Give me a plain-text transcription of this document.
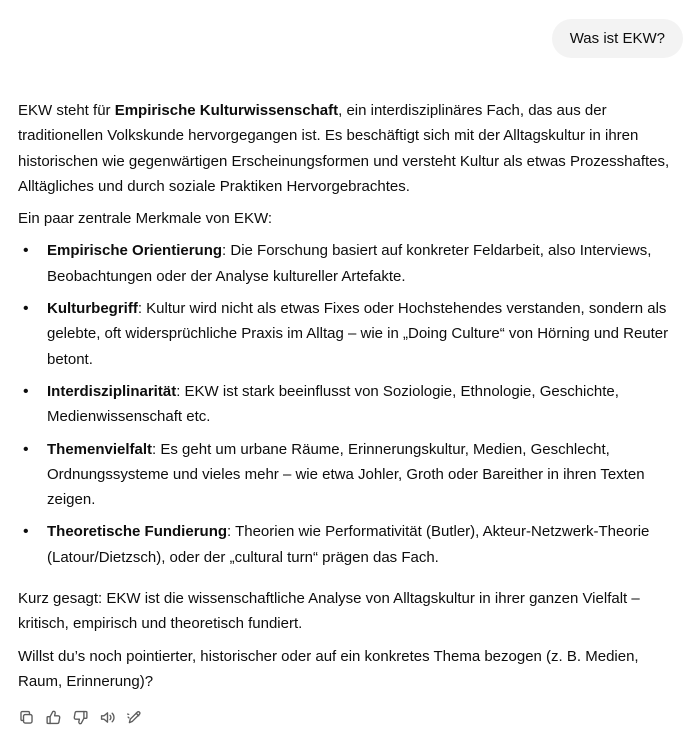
Was ist EKW?

EKW steht für Empirische Kulturwissenschaft, ein interdisziplinäres Fach, das aus der traditionellen Volkskunde hervorgegangen ist. Es beschäftigt sich mit der Alltagskultur in ihren historischen wie gegenwärtigen Erscheinungsformen und versteht Kultur als etwas Prozesshaftes, Alltägliches und durch soziale Praktiken Hervorgebrachtes.

Ein paar zentrale Merkmale von EKW:

• Empirische Orientierung: Die Forschung basiert auf konkreter Feldarbeit, also Interviews, Beobachtungen oder der Analyse kultureller Artefakte.
• Kulturbegriff: Kultur wird nicht als etwas Fixes oder Hochstehendes verstanden, sondern als gelebte, oft widersprüchliche Praxis im Alltag – wie in „Doing Culture“ von Hörning und Reuter betont.
• Interdisziplinarität: EKW ist stark beeinflusst von Soziologie, Ethnologie, Geschichte, Medienwissenschaft etc.
• Themenvielfalt: Es geht um urbane Räume, Erinnerungskultur, Medien, Geschlecht, Ordnungssysteme und vieles mehr – wie etwa Johler, Groth oder Bareither in ihren Texten zeigen.
• Theoretische Fundierung: Theorien wie Performativität (Butler), Akteur-Netzwerk-Theorie (Latour/Dietzsch), oder der „cultural turn“ prägen das Fach.

Kurz gesagt: EKW ist die wissenschaftliche Analyse von Alltagskultur in ihrer ganzen Vielfalt – kritisch, empirisch und theoretisch fundiert.

Willst du’s noch pointierter, historischer oder auf ein konkretes Thema bezogen (z. B. Medien, Raum, Erinnerung)?
